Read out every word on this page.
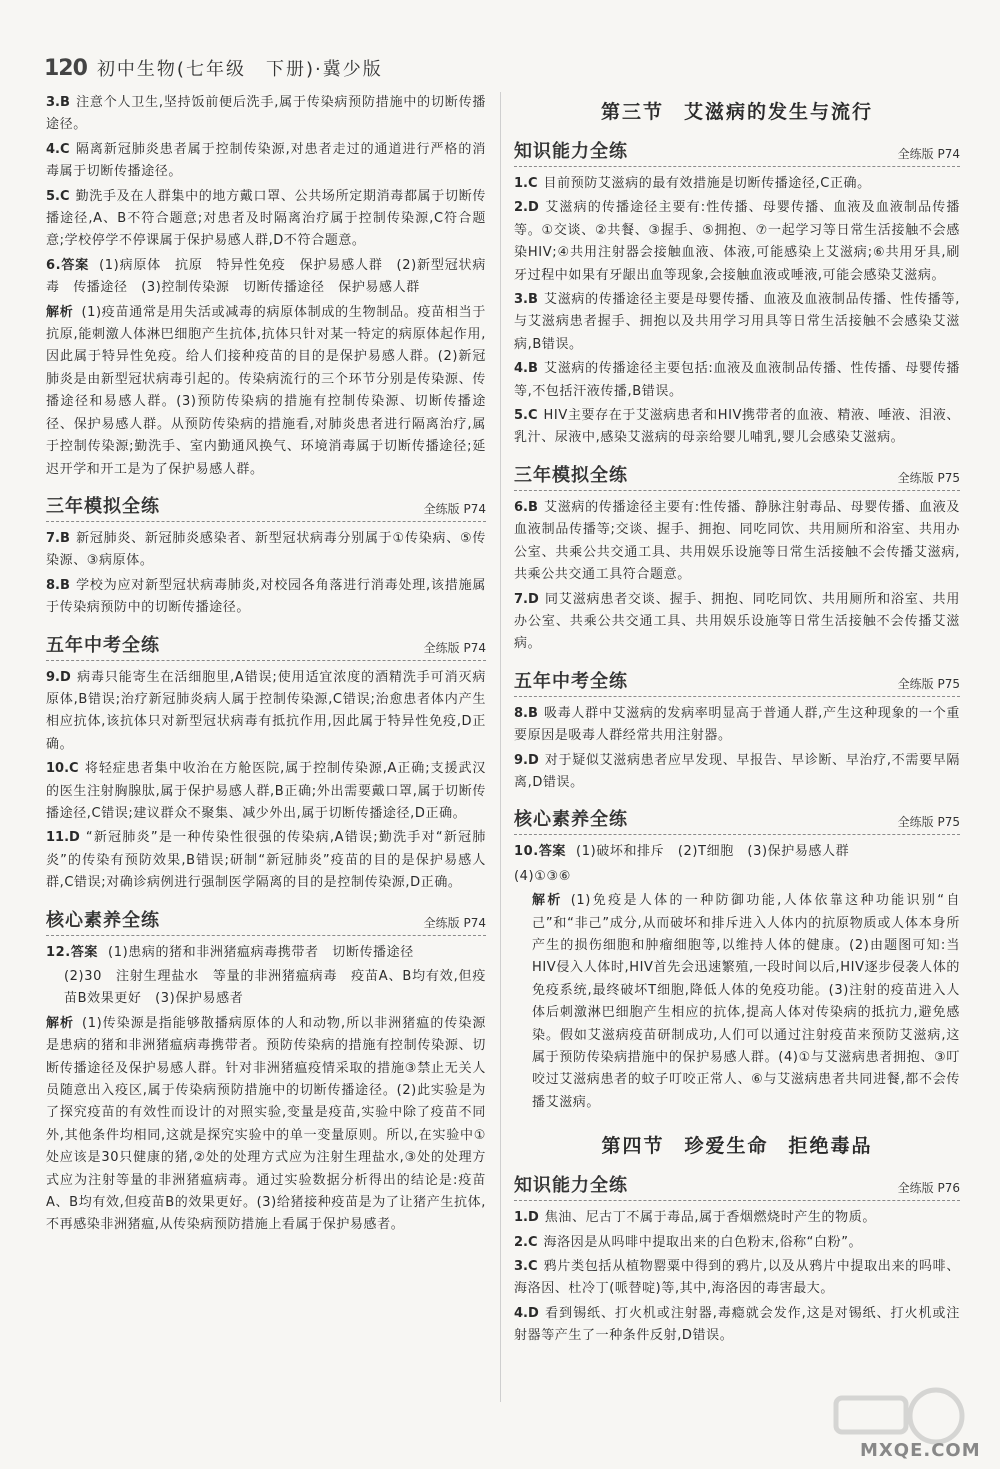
120 初中生物(七年级　下册)·冀少版

3.B 注意个人卫生,坚持饭前便后洗手,属于传染病预防措施中的切断传播途径。

4.C 隔离新冠肺炎患者属于控制传染源,对患者走过的通道进行严格的消毒属于切断传播途径。

5.C 勤洗手及在人群集中的地方戴口罩、公共场所定期消毒都属于切断传播途径,A、B不符合题意;对患者及时隔离治疗属于控制传染源,C符合题意;学校停学不停课属于保护易感人群,D不符合题意。

6.答案 (1)病原体　抗原　特异性免疫　保护易感人群　(2)新型冠状病毒　传播途径　(3)控制传染源　切断传播途径　保护易感人群

解析 (1)疫苗通常是用失活或减毒的病原体制成的生物制品。疫苗相当于抗原,能刺激人体淋巴细胞产生抗体,抗体只针对某一特定的病原体起作用,因此属于特异性免疫。给人们接种疫苗的目的是保护易感人群。(2)新冠肺炎是由新型冠状病毒引起的。传染病流行的三个环节分别是传染源、传播途径和易感人群。(3)预防传染病的措施有控制传染源、切断传播途径、保护易感人群。从预防传染病的措施看,对肺炎患者进行隔离治疗,属于控制传染源;勤洗手、室内勤通风换气、环境消毒属于切断传播途径;延迟开学和开工是为了保护易感人群。

三年模拟全练	全练版 P74

7.B 新冠肺炎、新冠肺炎感染者、新型冠状病毒分别属于①传染病、⑤传染源、③病原体。

8.B 学校为应对新型冠状病毒肺炎,对校园各角落进行消毒处理,该措施属于传染病预防中的切断传播途径。

五年中考全练	全练版 P74

9.D 病毒只能寄生在活细胞里,A错误;使用适宜浓度的酒精洗手可消灭病原体,B错误;治疗新冠肺炎病人属于控制传染源,C错误;治愈患者体内产生相应抗体,该抗体只对新型冠状病毒有抵抗作用,因此属于特异性免疫,D正确。

10.C 将轻症患者集中收治在方舱医院,属于控制传染源,A正确;支援武汉的医生注射胸腺肽,属于保护易感人群,B正确;外出需要戴口罩,属于切断传播途径,C错误;建议群众不聚集、减少外出,属于切断传播途径,D正确。

11.D “新冠肺炎”是一种传染性很强的传染病,A错误;勤洗手对“新冠肺炎”的传染有预防效果,B错误;研制“新冠肺炎”疫苗的目的是保护易感人群,C错误;对确诊病例进行强制医学隔离的目的是控制传染源,D正确。

核心素养全练	全练版 P74

12.答案 (1)患病的猪和非洲猪瘟病毒携带者　切断传播途径

(2)30　注射生理盐水　等量的非洲猪瘟病毒　疫苗A、B均有效,但疫苗B效果更好　(3)保护易感者

解析 (1)传染源是指能够散播病原体的人和动物,所以非洲猪瘟的传染源是患病的猪和非洲猪瘟病毒携带者。预防传染病的措施有控制传染源、切断传播途径及保护易感人群。针对非洲猪瘟疫情采取的措施③禁止无关人员随意出入疫区,属于传染病预防措施中的切断传播途径。(2)此实验是为了探究疫苗的有效性而设计的对照实验,变量是疫苗,实验中除了疫苗不同外,其他条件均相同,这就是探究实验中的单一变量原则。所以,在实验中①处应该是30只健康的猪,②处的处理方式应为注射生理盐水,③处的处理方式应为注射等量的非洲猪瘟病毒。通过实验数据分析得出的结论是:疫苗A、B均有效,但疫苗B的效果更好。(3)给猪接种疫苗是为了让猪产生抗体,不再感染非洲猪瘟,从传染病预防措施上看属于保护易感者。

第三节 艾滋病的发生与流行
知识能力全练	全练版 P74

1.C 目前预防艾滋病的最有效措施是切断传播途径,C正确。

2.D 艾滋病的传播途径主要有:性传播、母婴传播、血液及血液制品传播等。①交谈、②共餐、③握手、⑤拥抱、⑦一起学习等日常生活接触不会感染HIV;④共用注射器会接触血液、体液,可能感染上艾滋病;⑥共用牙具,刷牙过程中如果有牙龈出血等现象,会接触血液或唾液,可能会感染艾滋病。

3.B 艾滋病的传播途径主要是母婴传播、血液及血液制品传播、性传播等,与艾滋病患者握手、拥抱以及共用学习用具等日常生活接触不会感染艾滋病,B错误。

4.B 艾滋病的传播途径主要包括:血液及血液制品传播、性传播、母婴传播等,不包括汗液传播,B错误。

5.C HIV主要存在于艾滋病患者和HIV携带者的血液、精液、唾液、泪液、乳汁、尿液中,感染艾滋病的母亲给婴儿哺乳,婴儿会感染艾滋病。

三年模拟全练	全练版 P75

6.B 艾滋病的传播途径主要有:性传播、静脉注射毒品、母婴传播、血液及血液制品传播等;交谈、握手、拥抱、同吃同饮、共用厕所和浴室、共用办公室、共乘公共交通工具、共用娱乐设施等日常生活接触不会传播艾滋病,共乘公共交通工具符合题意。

7.D 同艾滋病患者交谈、握手、拥抱、同吃同饮、共用厕所和浴室、共用办公室、共乘公共交通工具、共用娱乐设施等日常生活接触不会传播艾滋病。

五年中考全练	全练版 P75

8.B 吸毒人群中艾滋病的发病率明显高于普通人群,产生这种现象的一个重要原因是吸毒人群经常共用注射器。

9.D 对于疑似艾滋病患者应早发现、早报告、早诊断、早治疗,不需要早隔离,D错误。

核心素养全练	全练版 P75

10.答案 (1)破坏和排斥　(2)T细胞　(3)保护易感人群

(4)①③⑥

解析 (1)免疫是人体的一种防御功能,人体依靠这种功能识别“自己”和“非己”成分,从而破坏和排斥进入人体内的抗原物质或人体本身所产生的损伤细胞和肿瘤细胞等,以维持人体的健康。(2)由题图可知:当HIV侵入人体时,HIV首先会迅速繁殖,一段时间以后,HIV逐步侵袭人体的免疫系统,最终破坏T细胞,降低人体的免疫功能。(3)注射的疫苗进入人体后刺激淋巴细胞产生相应的抗体,提高人体对传染病的抵抗力,避免感染。假如艾滋病疫苗研制成功,人们可以通过注射疫苗来预防艾滋病,这属于预防传染病措施中的保护易感人群。(4)①与艾滋病患者拥抱、③叮咬过艾滋病患者的蚊子叮咬正常人、⑥与艾滋病患者共同进餐,都不会传播艾滋病。

第四节 珍爱生命 拒绝毒品
知识能力全练	全练版 P76

1.D 焦油、尼古丁不属于毒品,属于香烟燃烧时产生的物质。

2.C 海洛因是从吗啡中提取出来的白色粉末,俗称“白粉”。

3.C 鸦片类包括从植物罂粟中得到的鸦片,以及从鸦片中提取出来的吗啡、海洛因、杜冷丁(哌替啶)等,其中,海洛因的毒害最大。

4.D 看到锡纸、打火机或注射器,毒瘾就会发作,这是对锡纸、打火机或注射器等产生了一种条件反射,D错误。

MXQE.COM
